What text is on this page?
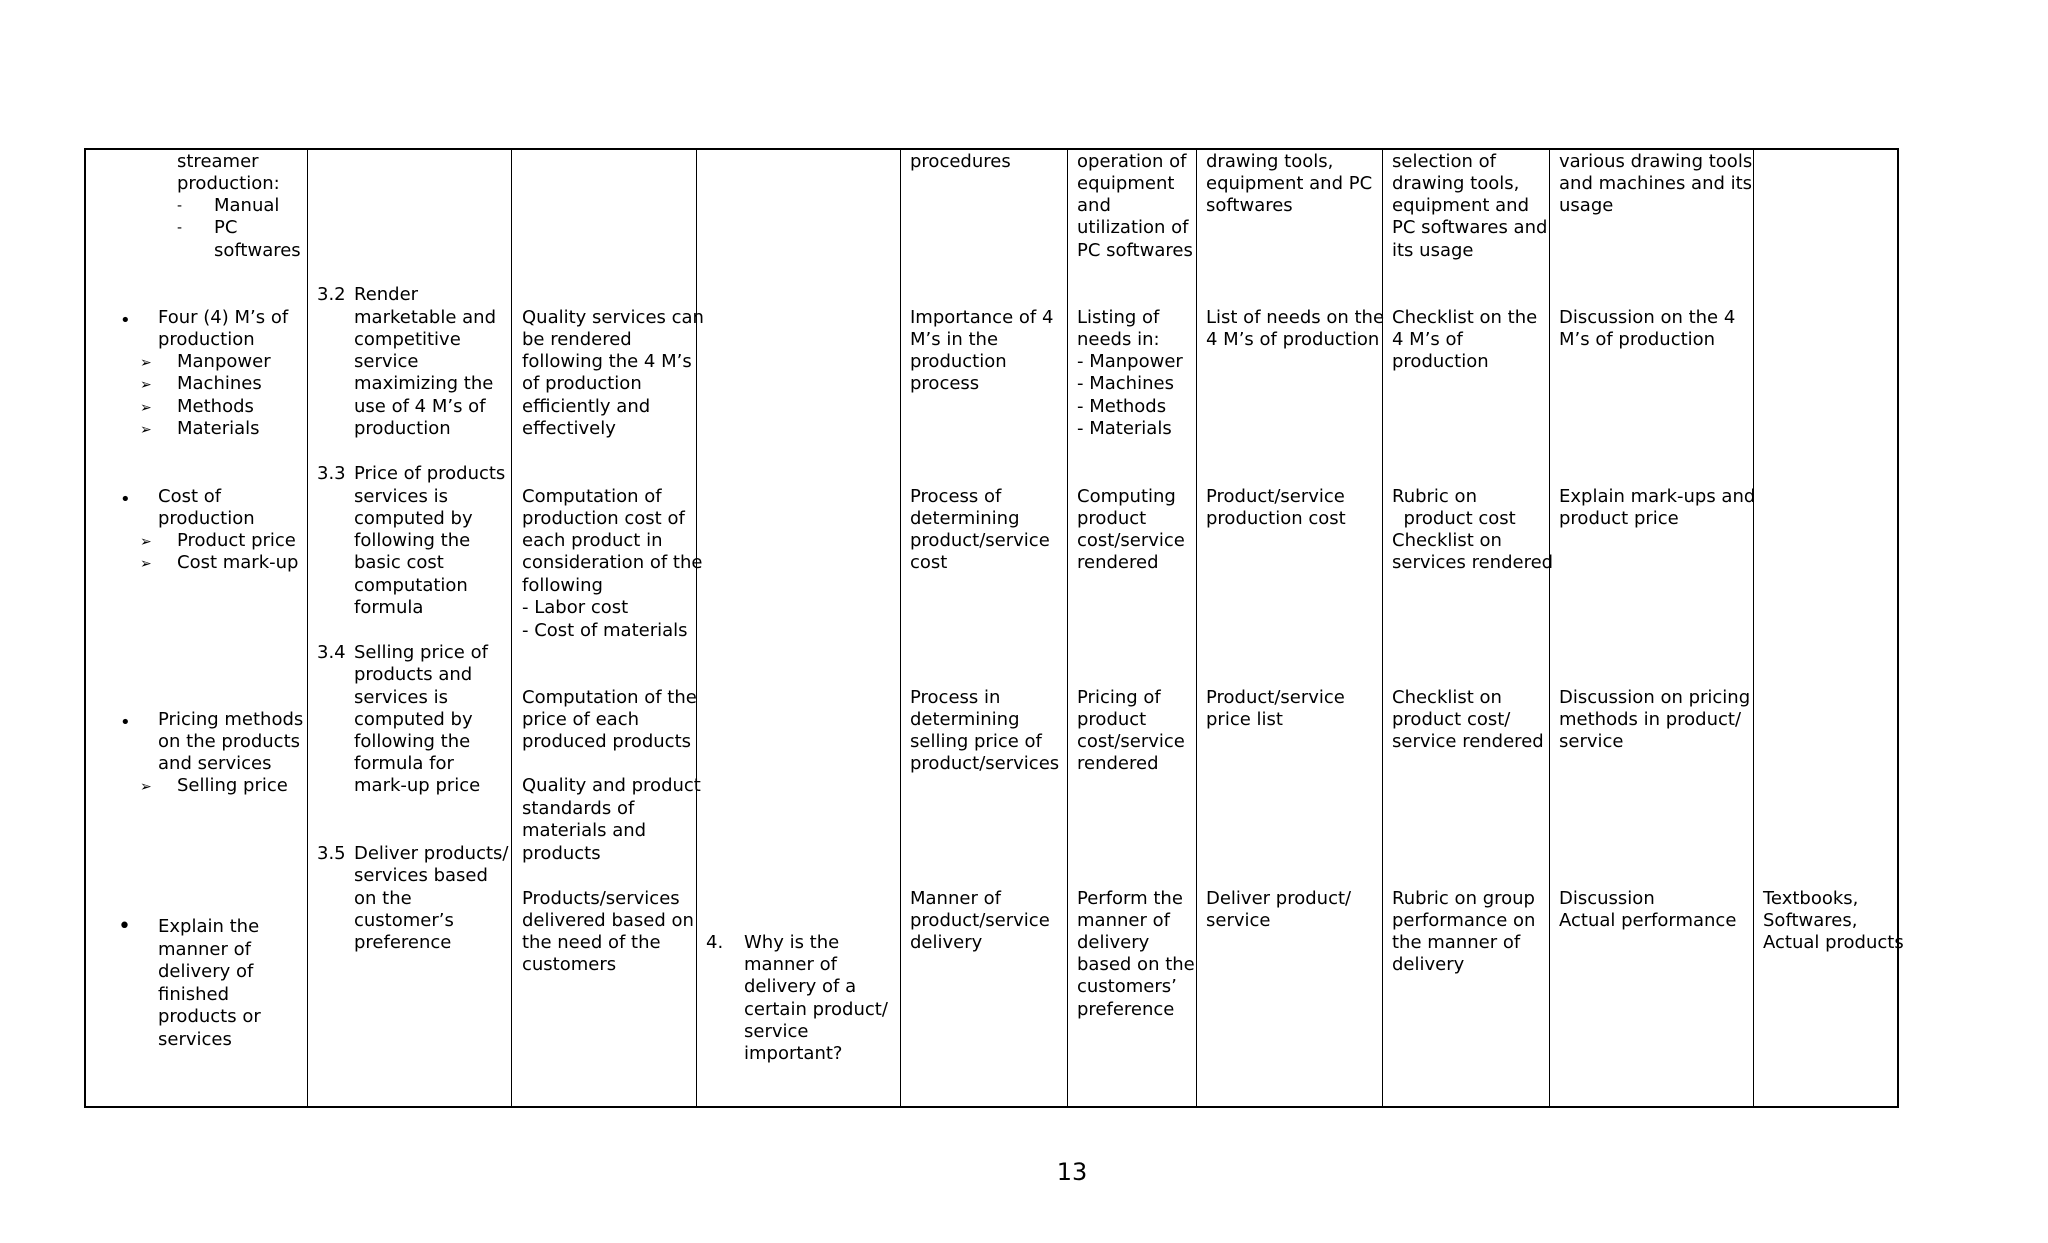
streamer
production:
- Manual
- PC
softwares
• Four (4) M’s of
production
➢ Manpower
➢ Machines
➢ Methods
➢ Materials
• Cost of
production
➢ Product price
➢ Cost mark-up
• Pricing methods
on the products
and services
➢ Selling price
• Explain the
manner of
delivery of
finished
products or
services
3.2 Render
marketable and
competitive
service
maximizing the
use of 4 M’s of
production
3.3 Price of products
services is
computed by
following the
basic cost
computation
formula
3.4 Selling price of
products and
services is
computed by
following the
formula for
mark-up price
3.5 Deliver products/
services based
on the
customer’s
preference
Quality services can
be rendered
following the 4 M’s
of production
efficiently and
effectively
Computation of
production cost of
each product in
consideration of the
following
- Labor cost
- Cost of materials
Computation of the
price of each
produced products
Quality and product
standards of
materials and
products
Products/services
delivered based on
the need of the
customers
4. Why is the
manner of
delivery of a
certain product/
service
important?
procedures
Importance of 4
M’s in the
production
process
Process of
determining
product/service
cost
Process in
determining
selling price of
product/services
Manner of
product/service
delivery
operation of
equipment
and
utilization of
PC softwares
Listing of
needs in:
- Manpower
- Machines
- Methods
- Materials
Computing
product
cost/service
rendered
Pricing of
product
cost/service
rendered
Perform the
manner of
delivery
based on the
customers’
preference
drawing tools,
equipment and PC
softwares
List of needs on the
4 M’s of production
Product/service
production cost
Product/service
price list
Deliver product/
service
selection of
drawing tools,
equipment and
PC softwares and
its usage
Checklist on the
4 M’s of
production
Rubric on
product cost
Checklist on
services rendered
Checklist on
product cost/
service rendered
Rubric on group
performance on
the manner of
delivery
various drawing tools
and machines and its
usage
Discussion on the 4
M’s of production
Explain mark-ups and
product price
Discussion on pricing
methods in product/
service
Discussion
Actual performance
Textbooks,
Softwares,
Actual products
13
